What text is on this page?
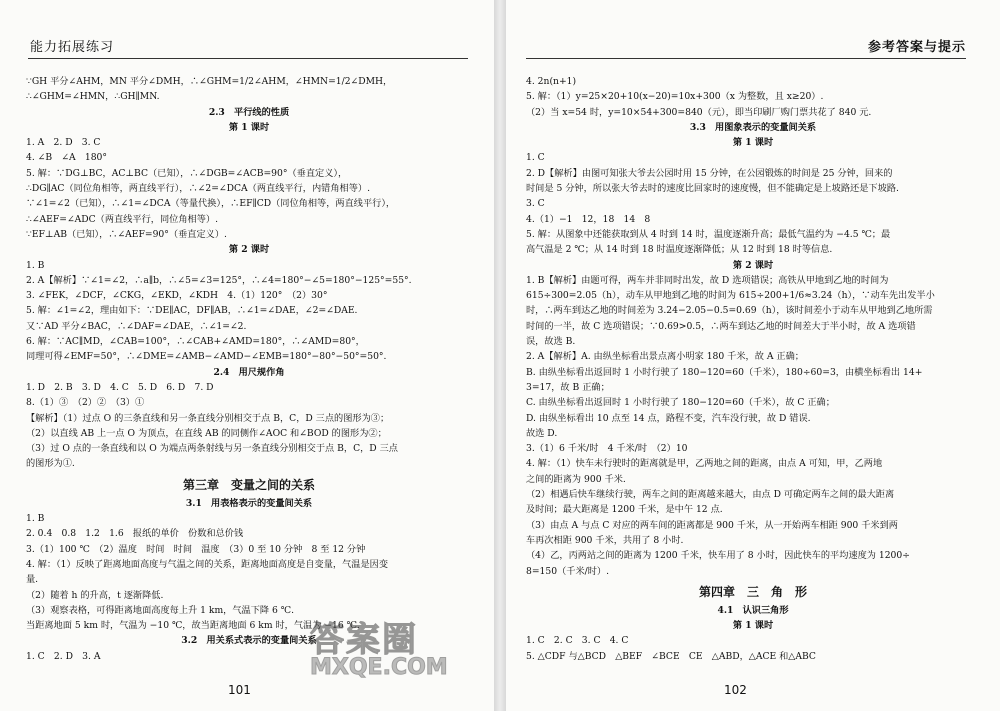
能力拓展练习
∵GH 平分∠AHM，MN 平分∠DMH，∴∠GHM=1/2∠AHM，∠HMN=1/2∠DMH，
∴∠GHM=∠HMN，∴GH∥MN.
2.3　平行线的性质
第 1 课时
1. A　2. D　3. C
4. ∠B　∠A　180°
5. 解：∵DG⊥BC，AC⊥BC（已知），∴∠DGB=∠ACB=90°（垂直定义），
∴DG∥AC（同位角相等，两直线平行），∴∠2=∠DCA（两直线平行，内错角相等）.
∵∠1=∠2（已知），∴∠1=∠DCA（等量代换），∴EF∥CD（同位角相等，两直线平行），
∴∠AEF=∠ADC（两直线平行，同位角相等）.
∵EF⊥AB（已知），∴∠AEF=90°（垂直定义）.
第 2 课时
1. B
2. A【解析】∵∠1=∠2，∴a∥b，∴∠5=∠3=125°，∴∠4=180°−∠5=180°−125°=55°.
3. ∠FEK，∠DCF，∠CKG，∠EKD，∠KDH　4.（1）120°　（2）30°
5. 解：∠1=∠2，理由如下：∵DE∥AC，DF∥AB，∴∠1=∠DAE，∠2=∠DAE.
又∵AD 平分∠BAC，∴∠DAF=∠DAE，∴∠1=∠2.
6. 解：∵AC∥MD，∠CAB=100°，∴∠CAB+∠AMD=180°，∴∠AMD=80°，
同理可得∠EMF=50°，∴∠DME=∠AMB−∠AMD−∠EMB=180°−80°−50°=50°.
2.4　用尺规作角
1. D　2. B　3. D　4. C　5. D　6. D　7. D
8.（1）③　（2）②　（3）①
【解析】（1）过点 O 的三条直线和另一条直线分别相交于点 B，C，D 三点的图形为③；
（2）以直线 AB 上一点 O 为顶点，在直线 AB 的同侧作∠AOC 和∠BOD 的图形为②；
（3）过 O 点的一条直线和以 O 为端点两条射线与另一条直线分别相交于点 B，C，D 三点
的图形为①.
第三章　变量之间的关系
3.1　用表格表示的变量间关系
1. B
2. 0.4　0.8　1.2　1.6　报纸的单价　份数和总价钱
3.（1）100 ℃　（2）温度　时间　时间　温度　（3）0 至 10 分钟　8 至 12 分钟
4. 解：（1）反映了距离地面高度与气温之间的关系，距离地面高度是自变量，气温是因变
量.
（2）随着 h 的升高，t 逐渐降低.
（3）观察表格，可得距离地面高度每上升 1 km，气温下降 6 ℃.
当距离地面 5 km 时，气温为 −10 ℃，故当距离地面 6 km 时，气温为 −16 ℃.
3.2　用关系式表示的变量间关系
1. C　2. D　3. A
101
参考答案与提示
4. 2n(n+1)
5. 解：（1）y=25×20+10(x−20)=10x+300（x 为整数，且 x≥20）.
（2）当 x=54 时，y=10×54+300=840（元），即当印刷厂购门票共花了 840 元.
3.3　用图象表示的变量间关系
第 1 课时
1. C
2. D【解析】由图可知张大爷去公园时用 15 分钟，在公园锻炼的时间是 25 分钟，回来的
时间是 5 分钟，所以张大爷去时的速度比回家时的速度慢，但不能确定是上坡路还是下坡路.
3. C
4.（1）−1　12，18　14　8
5. 解：从图象中还能获取到从 4 时到 14 时，温度逐渐升高；最低气温约为 −4.5 ℃；最
高气温是 2 ℃；从 14 时到 18 时温度逐渐降低；从 12 时到 18 时等信息.
第 2 课时
1. B【解析】由题可得，两车并非同时出发，故 D 选项错误；高铁从甲地到乙地的时间为
615÷300=2.05（h），动车从甲地到乙地的时间为 615÷200+1/6≈3.24（h），∵动车先出发半小
时，∴两车到达乙地的时间差为 3.24−2.05−0.5=0.69（h），该时间差小于动车从甲地到乙地所需
时间的一半，故 C 选项错误；∵0.69>0.5，∴两车到达乙地的时间差大于半小时，故 A 选项错
误，故选 B.
2. A【解析】A. 由纵坐标看出景点离小明家 180 千米，故 A 正确；
B. 由纵坐标看出返回时 1 小时行驶了 180−120=60（千米），180÷60=3，由横坐标看出 14+
3=17，故 B 正确；
C. 由纵坐标看出返回时 1 小时行驶了 180−120=60（千米），故 C 正确；
D. 由纵坐标看出 10 点至 14 点，路程不变，汽车没行驶，故 D 错误.
故选 D.
3.（1）6 千米/时　4 千米/时　（2）10
4. 解：（1）快车未行驶时的距离就是甲，乙两地之间的距离，由点 A 可知，甲，乙两地
之间的距离为 900 千米.
（2）相遇后快车继续行驶，两车之间的距离越来越大，由点 D 可确定两车之间的最大距离
及时间；最大距离是 1200 千米，是中午 12 点.
（3）由点 A 与点 C 对应的两车间的距离都是 900 千米，从一开始两车相距 900 千米到两
车再次相距 900 千米，共用了 8 小时.
（4）乙，丙两站之间的距离为 1200 千米，快车用了 8 小时，因此快车的平均速度为 1200÷
8=150（千米/时）.
第四章　三　角　形
4.1　认识三角形
第 1 课时
1. C　2. C　3. C　4. C
5. △CDF 与△BCD　△BEF　∠BCE　CE　△ABD，△ACE 和△ABC
102
答案圈
MXQE.COM
